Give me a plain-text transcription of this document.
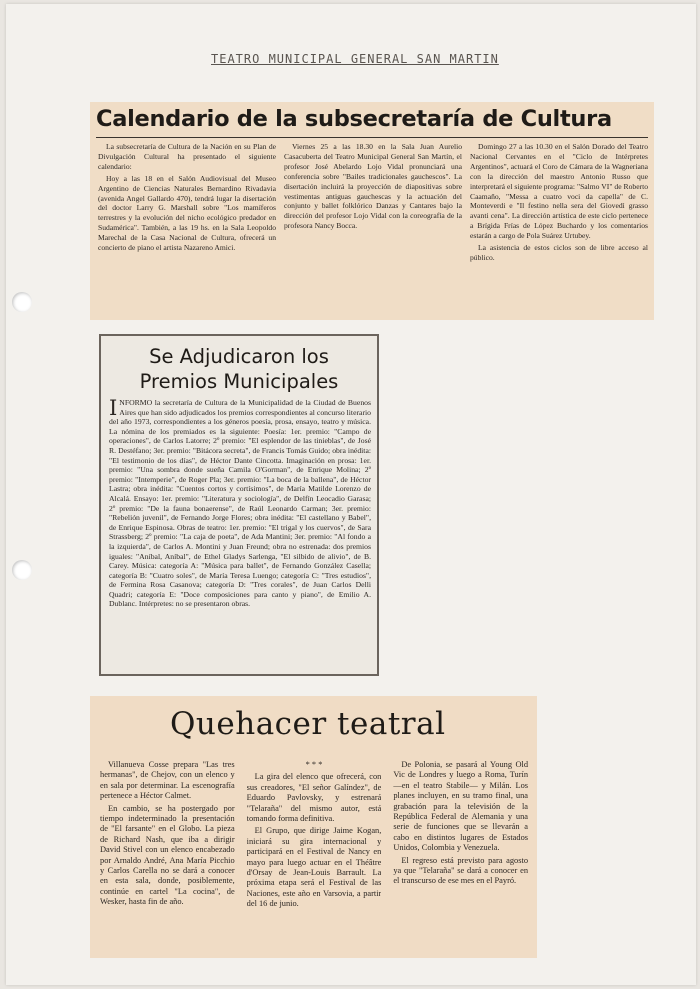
TEATRO MUNICIPAL GENERAL SAN MARTIN
Calendario de la subsecretaría de Cultura

La subsecretaría de Cultura de la Nación en su Plan de Divulgación Cultural ha presentado el siguiente calendario:

Hoy a las 18 en el Salón Audiovisual del Museo Argentino de Ciencias Naturales Bernardino Rivadavia (avenida Angel Gallardo 470), tendrá lugar la disertación del doctor Larry G. Marshall sobre "Los mamíferos terrestres y la evolución del nicho ecológico predador en Sudamérica". También, a las 19 hs. en la Sala Leopoldo Marechal de la Casa Nacional de Cultura, ofrecerá un concierto de piano el artista Nazareno Amici.

Viernes 25 a las 18.30 en la Sala Juan Aurelio Casacuberta del Teatro Municipal General San Martín, el profesor José Abelardo Lojo Vidal pronunciará una conferencia sobre "Bailes tradicionales gauchescos". La disertación incluirá la proyección de diapositivas sobre vestimentas antiguas gauchescas y la actuación del conjunto y ballet folklórico Danzas y Cantares bajo la dirección del profesor Lojo Vidal con la coreografía de la profesora Nancy Bocca.

Domingo 27 a las 10.30 en el Salón Dorado del Teatro Nacional Cervantes en el "Ciclo de Intérpretes Argentinos", actuará el Coro de Cámara de la Wagneriana con la dirección del maestro Antonio Russo que interpretará el siguiente programa: "Salmo VI" de Roberto Caamaño, "Messa a cuatro voci da capella" de C. Monteverdi e "Il festino nella sera del Giovedì grasso avanti cena". La dirección artística de este ciclo pertenece a Brígida Frías de López Buchardo y los comentarios estarán a cargo de Pola Suárez Urtubey.

La asistencia de estos ciclos son de libre acceso al público.

Se Adjudicaron los
Premios Municipales
INFORMO la secretaría de Cultura de la Municipalidad de la Ciudad de Buenos Aires que han sido adjudicados los premios correspondientes al concurso literario del año 1973, correspondientes a los géneros poesía, prosa, ensayo, teatro y música. La nómina de los premiados es la siguiente: Poesía: 1er. premio: "Campo de operaciones", de Carlos Latorre; 2º premio: "El esplendor de las tinieblas", de José R. Destéfano; 3er. premio: "Bitácora secreta", de Francis Tomás Guido; obra inédita: "El testimonio de los días", de Héctor Dante Cincotta. Imaginación en prosa: 1er. premio: "Una sombra donde sueña Camila O'Gorman", de Enrique Molina; 2º premio: "Intemperie", de Roger Pla; 3er. premio: "La boca de la ballena", de Héctor Lastra; obra inédita: "Cuentos cortos y cortísimos", de María Matilde Lorenzo de Alcalá. Ensayo: 1er. premio: "Literatura y sociología", de Delfín Leocadio Garasa; 2º premio: "De la fauna bonaerense", de Raúl Leonardo Carman; 3er. premio: "Rebelión juvenil", de Fernando Jorge Flores; obra inédita: "El castellano y Babel", de Enrique Espinosa. Obras de teatro: 1er. premio: "El trigal y los cuervos", de Sara Strassberg; 2º premio: "La caja de poeta", de Ada Mantini; 3er. premio: "Al fondo a la izquierda", de Carlos A. Montini y Juan Freund; obra no estrenada: dos premios iguales: "Aníbal, Aníbal", de Ethel Gladys Sarlenga, "El silbido de alivio", de B. Carey. Música: categoría A: "Música para ballet", de Fernando González Casella; categoría B: "Cuatro soles", de María Teresa Luengo; categoría C: "Tres estudios", de Fermina Rosa Casanova; categoría D: "Tres corales", de Juan Carlos Delli Quadri; categoría E: "Doce composiciones para canto y piano", de Emilio A. Dublanc. Intérpretes: no se presentaron obras.
Quehacer teatral

Villanueva Cosse prepara "Las tres hermanas", de Chejov, con un elenco y en sala por determinar. La escenografía pertenece a Héctor Calmet.

En cambio, se ha postergado por tiempo indeterminado la presentación de "El farsante" en el Globo. La pieza de Richard Nash, que iba a dirigir David Stivel con un elenco encabezado por Arnaldo André, Ana María Picchio y Carlos Carella no se dará a conocer en esta sala, donde, posiblemente, continúe en cartel "La cocina", de Wesker, hasta fin de año.

* * *

La gira del elenco que ofrecerá, con sus creadores, "El señor Galíndez", de Eduardo Pavlovsky, y estrenará "Telaraña" del mismo autor, está tomando forma definitiva.

El Grupo, que dirige Jaime Kogan, iniciará su gira internacional y participará en el Festival de Nancy en mayo para luego actuar en el Théâtre d'Orsay de Jean-Louis Barrault. La próxima etapa será el Festival de las Naciones, este año en Varsovia, a partir del 16 de junio.

De Polonia, se pasará al Young Old Vic de Londres y luego a Roma, Turín —en el teatro Stabile— y Milán. Los planes incluyen, en su tramo final, una grabación para la televisión de la República Federal de Alemania y una serie de funciones que se llevarán a cabo en distintos lugares de Estados Unidos, Colombia y Venezuela.

El regreso está previsto para agosto ya que "Telaraña" se dará a conocer en el transcurso de ese mes en el Payró.
